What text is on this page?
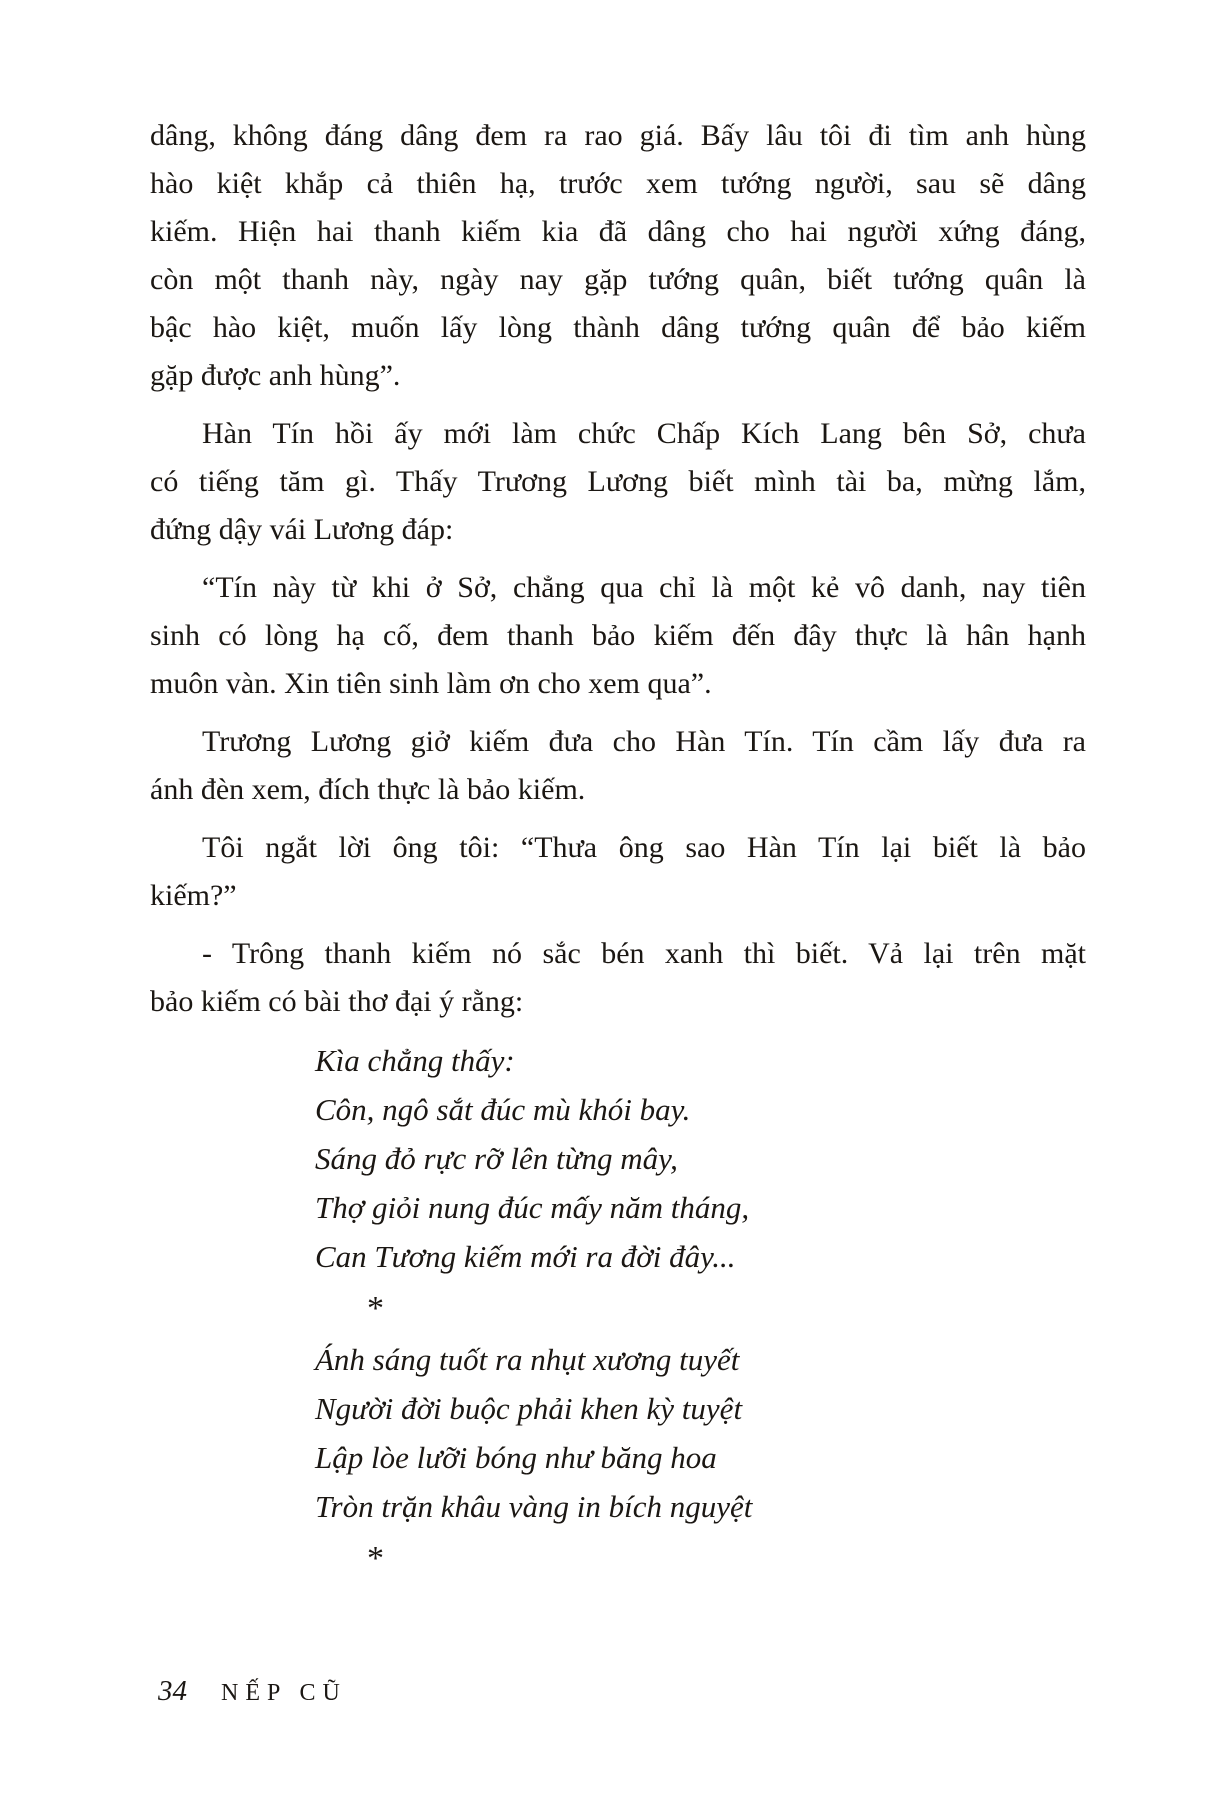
dâng, không đáng dâng đem ra rao giá. Bấy lâu tôi đi tìm anh hùng
hào kiệt khắp cả thiên hạ, trước xem tướng người, sau sẽ dâng
kiếm. Hiện hai thanh kiếm kia đã dâng cho hai người xứng đáng,
còn một thanh này, ngày nay gặp tướng quân, biết tướng quân là
bậc hào kiệt, muốn lấy lòng thành dâng tướng quân để bảo kiếm
gặp được anh hùng”.
Hàn Tín hồi ấy mới làm chức Chấp Kích Lang bên Sở, chưa
có tiếng tăm gì. Thấy Trương Lương biết mình tài ba, mừng lắm,
đứng dậy vái Lương đáp:
“Tín này từ khi ở Sở, chẳng qua chỉ là một kẻ vô danh, nay tiên
sinh có lòng hạ cố, đem thanh bảo kiếm đến đây thực là hân hạnh
muôn vàn. Xin tiên sinh làm ơn cho xem qua”.
Trương Lương giở kiếm đưa cho Hàn Tín. Tín cầm lấy đưa ra
ánh đèn xem, đích thực là bảo kiếm.
Tôi ngắt lời ông tôi: “Thưa ông sao Hàn Tín lại biết là bảo
kiếm?”
- Trông thanh kiếm nó sắc bén xanh thì biết. Vả lại trên mặt
bảo kiếm có bài thơ đại ý rằng:
Kìa chẳng thấy:
Côn, ngô sắt đúc mù khói bay.
Sáng đỏ rực rỡ lên từng mây,
Thợ giỏi nung đúc mấy năm tháng,
Can Tương kiếm mới ra đời đây...
*
Ánh sáng tuốt ra nhụt xương tuyết
Người đời buộc phải khen kỳ tuyệt
Lập lòe lưỡi bóng như băng hoa
Tròn trặn khâu vàng in bích nguyệt
*
34 NẾP CŨ
